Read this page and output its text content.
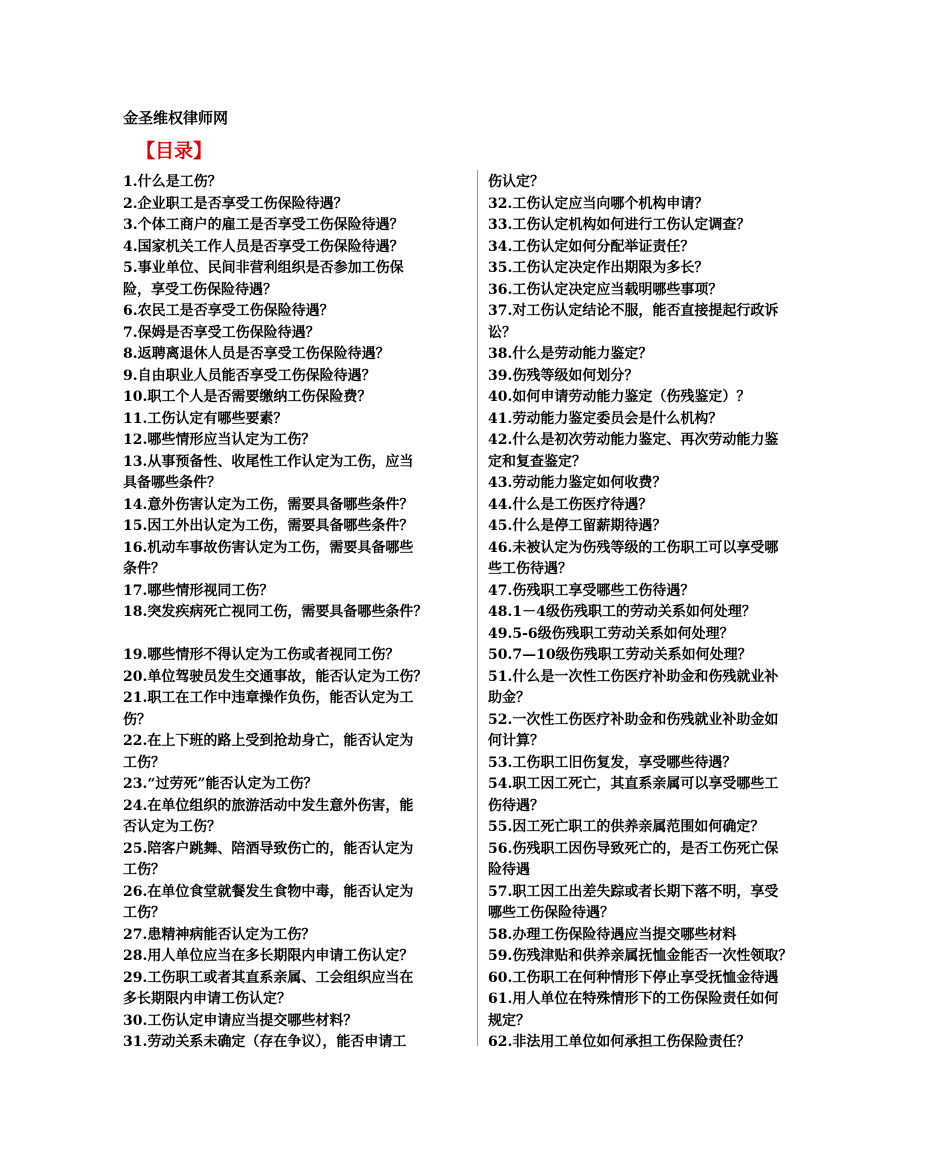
金圣维权律师网
【目录】
1.什么是工伤？
2.企业职工是否享受工伤保险待遇？
3.个体工商户的雇工是否享受工伤保险待遇？
4.国家机关工作人员是否享受工伤保险待遇？
5.事业单位、民间非营利组织是否参加工伤保
险，享受工伤保险待遇？
6.农民工是否享受工伤保险待遇？
7.保姆是否享受工伤保险待遇？
8.返聘离退休人员是否享受工伤保险待遇？
9.自由职业人员能否享受工伤保险待遇？
10.职工个人是否需要缴纳工伤保险费？
11.工伤认定有哪些要素？
12.哪些情形应当认定为工伤？
13.从事预备性、收尾性工作认定为工伤，应当
具备哪些条件？
14.意外伤害认定为工伤，需要具备哪些条件？
15.因工外出认定为工伤，需要具备哪些条件？
16.机动车事故伤害认定为工伤，需要具备哪些
条件？
17.哪些情形视同工伤？
18.突发疾病死亡视同工伤，需要具备哪些条件？
19.哪些情形不得认定为工伤或者视同工伤？
20.单位驾驶员发生交通事故，能否认定为工伤？
21.职工在工作中违章操作负伤，能否认定为工
伤？
22.在上下班的路上受到抢劫身亡，能否认定为
工伤？
23.“过劳死”能否认定为工伤？
24.在单位组织的旅游活动中发生意外伤害，能
否认定为工伤？
25.陪客户跳舞、陪酒导致伤亡的，能否认定为
工伤？
26.在单位食堂就餐发生食物中毒，能否认定为
工伤？
27.患精神病能否认定为工伤？
28.用人单位应当在多长期限内申请工伤认定？
29.工伤职工或者其直系亲属、工会组织应当在
多长期限内申请工伤认定？
30.工伤认定申请应当提交哪些材料？
31.劳动关系未确定（存在争议），能否申请工
伤认定？
32.工伤认定应当向哪个机构申请？
33.工伤认定机构如何进行工伤认定调查？
34.工伤认定如何分配举证责任？
35.工伤认定决定作出期限为多长？
36.工伤认定决定应当载明哪些事项？
37.对工伤认定结论不服，能否直接提起行政诉
讼？
38.什么是劳动能力鉴定？
39.伤残等级如何划分？
40.如何申请劳动能力鉴定（伤残鉴定）？
41.劳动能力鉴定委员会是什么机构？
42.什么是初次劳动能力鉴定、再次劳动能力鉴
定和复查鉴定？
43.劳动能力鉴定如何收费？
44.什么是工伤医疗待遇？
45.什么是停工留薪期待遇？
46.未被认定为伤残等级的工伤职工可以享受哪
些工伤待遇？
47.伤残职工享受哪些工伤待遇？
48.1－4级伤残职工的劳动关系如何处理？
49.5-6级伤残职工劳动关系如何处理？
50.7—10级伤残职工劳动关系如何处理？
51.什么是一次性工伤医疗补助金和伤残就业补
助金？
52.一次性工伤医疗补助金和伤残就业补助金如
何计算？
53.工伤职工旧伤复发，享受哪些待遇？
54.职工因工死亡，其直系亲属可以享受哪些工
伤待遇？
55.因工死亡职工的供养亲属范围如何确定？
56.伤残职工因伤导致死亡的，是否工伤死亡保
险待遇
57.职工因工出差失踪或者长期下落不明，享受
哪些工伤保险待遇？
58.办理工伤保险待遇应当提交哪些材料
59.伤残津贴和供养亲属抚恤金能否一次性领取？
60.工伤职工在何种情形下停止享受抚恤金待遇
61.用人单位在特殊情形下的工伤保险责任如何
规定？
62.非法用工单位如何承担工伤保险责任？
